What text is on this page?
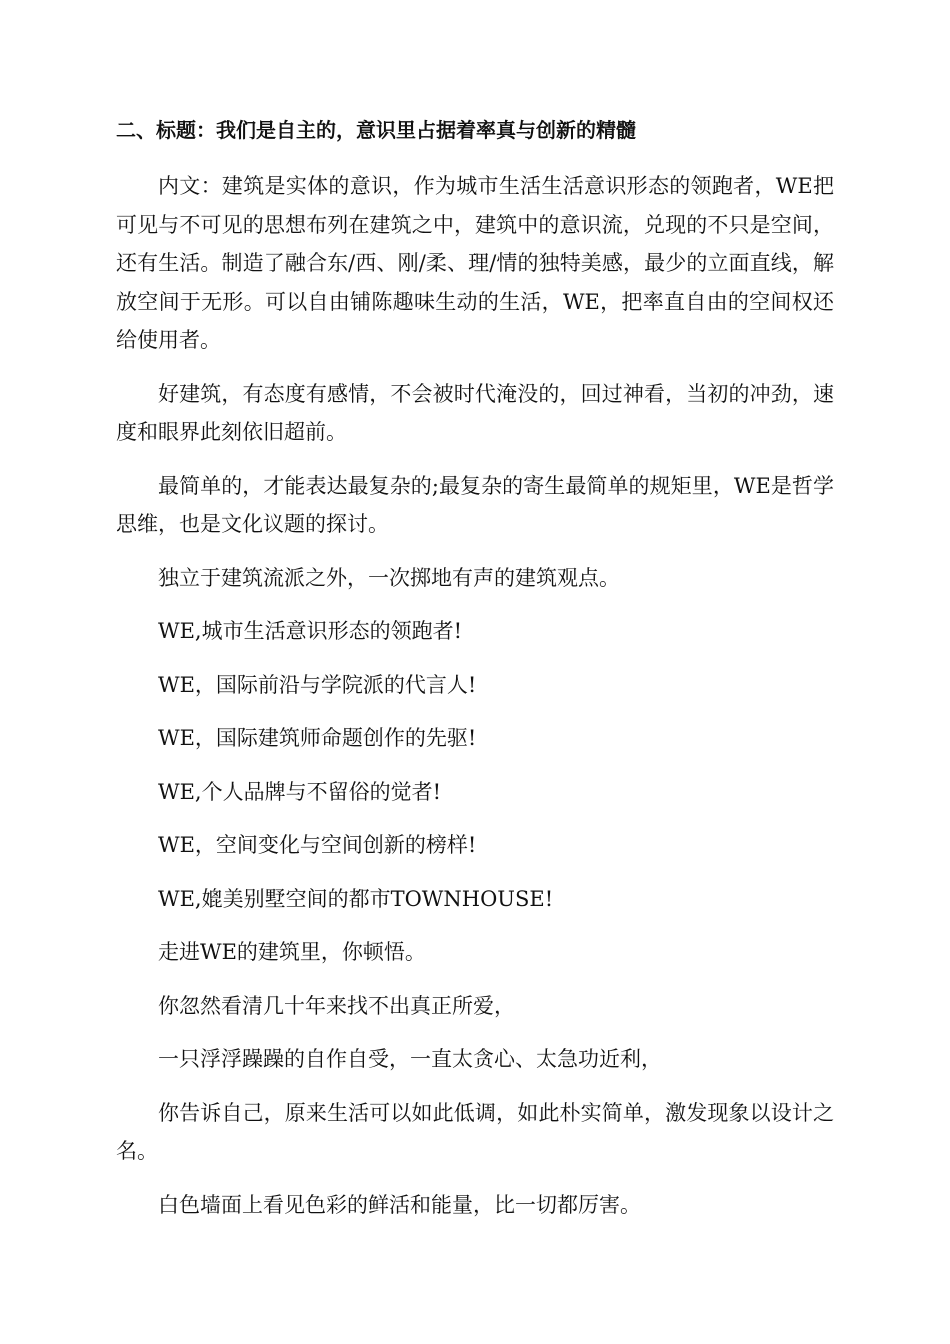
二、标题：我们是自主的，意识里占据着率真与创新的精髓

内文：建筑是实体的意识，作为城市生活生活意识形态的领跑者，WE把可见与不可见的思想布列在建筑之中，建筑中的意识流，兑现的不只是空间，还有生活。制造了融合东/西、刚/柔、理/情的独特美感，最少的立面直线，解放空间于无形。可以自由铺陈趣味生动的生活，WE，把率直自由的空间权还给使用者。

好建筑，有态度有感情，不会被时代淹没的，回过神看，当初的冲劲，速度和眼界此刻依旧超前。

最简单的，才能表达最复杂的;最复杂的寄生最简单的规矩里，WE是哲学思维，也是文化议题的探讨。

独立于建筑流派之外，一次掷地有声的建筑观点。

WE,城市生活意识形态的领跑者!

WE，国际前沿与学院派的代言人!

WE，国际建筑师命题创作的先驱!

WE,个人品牌与不留俗的觉者!

WE，空间变化与空间创新的榜样!

WE,媲美别墅空间的都市TOWNHOUSE!

走进WE的建筑里，你顿悟。

你忽然看清几十年来找不出真正所爱，

一只浮浮躁躁的自作自受，一直太贪心、太急功近利，

你告诉自己，原来生活可以如此低调，如此朴实简单，激发现象以设计之名。

白色墙面上看见色彩的鲜活和能量，比一切都厉害。
